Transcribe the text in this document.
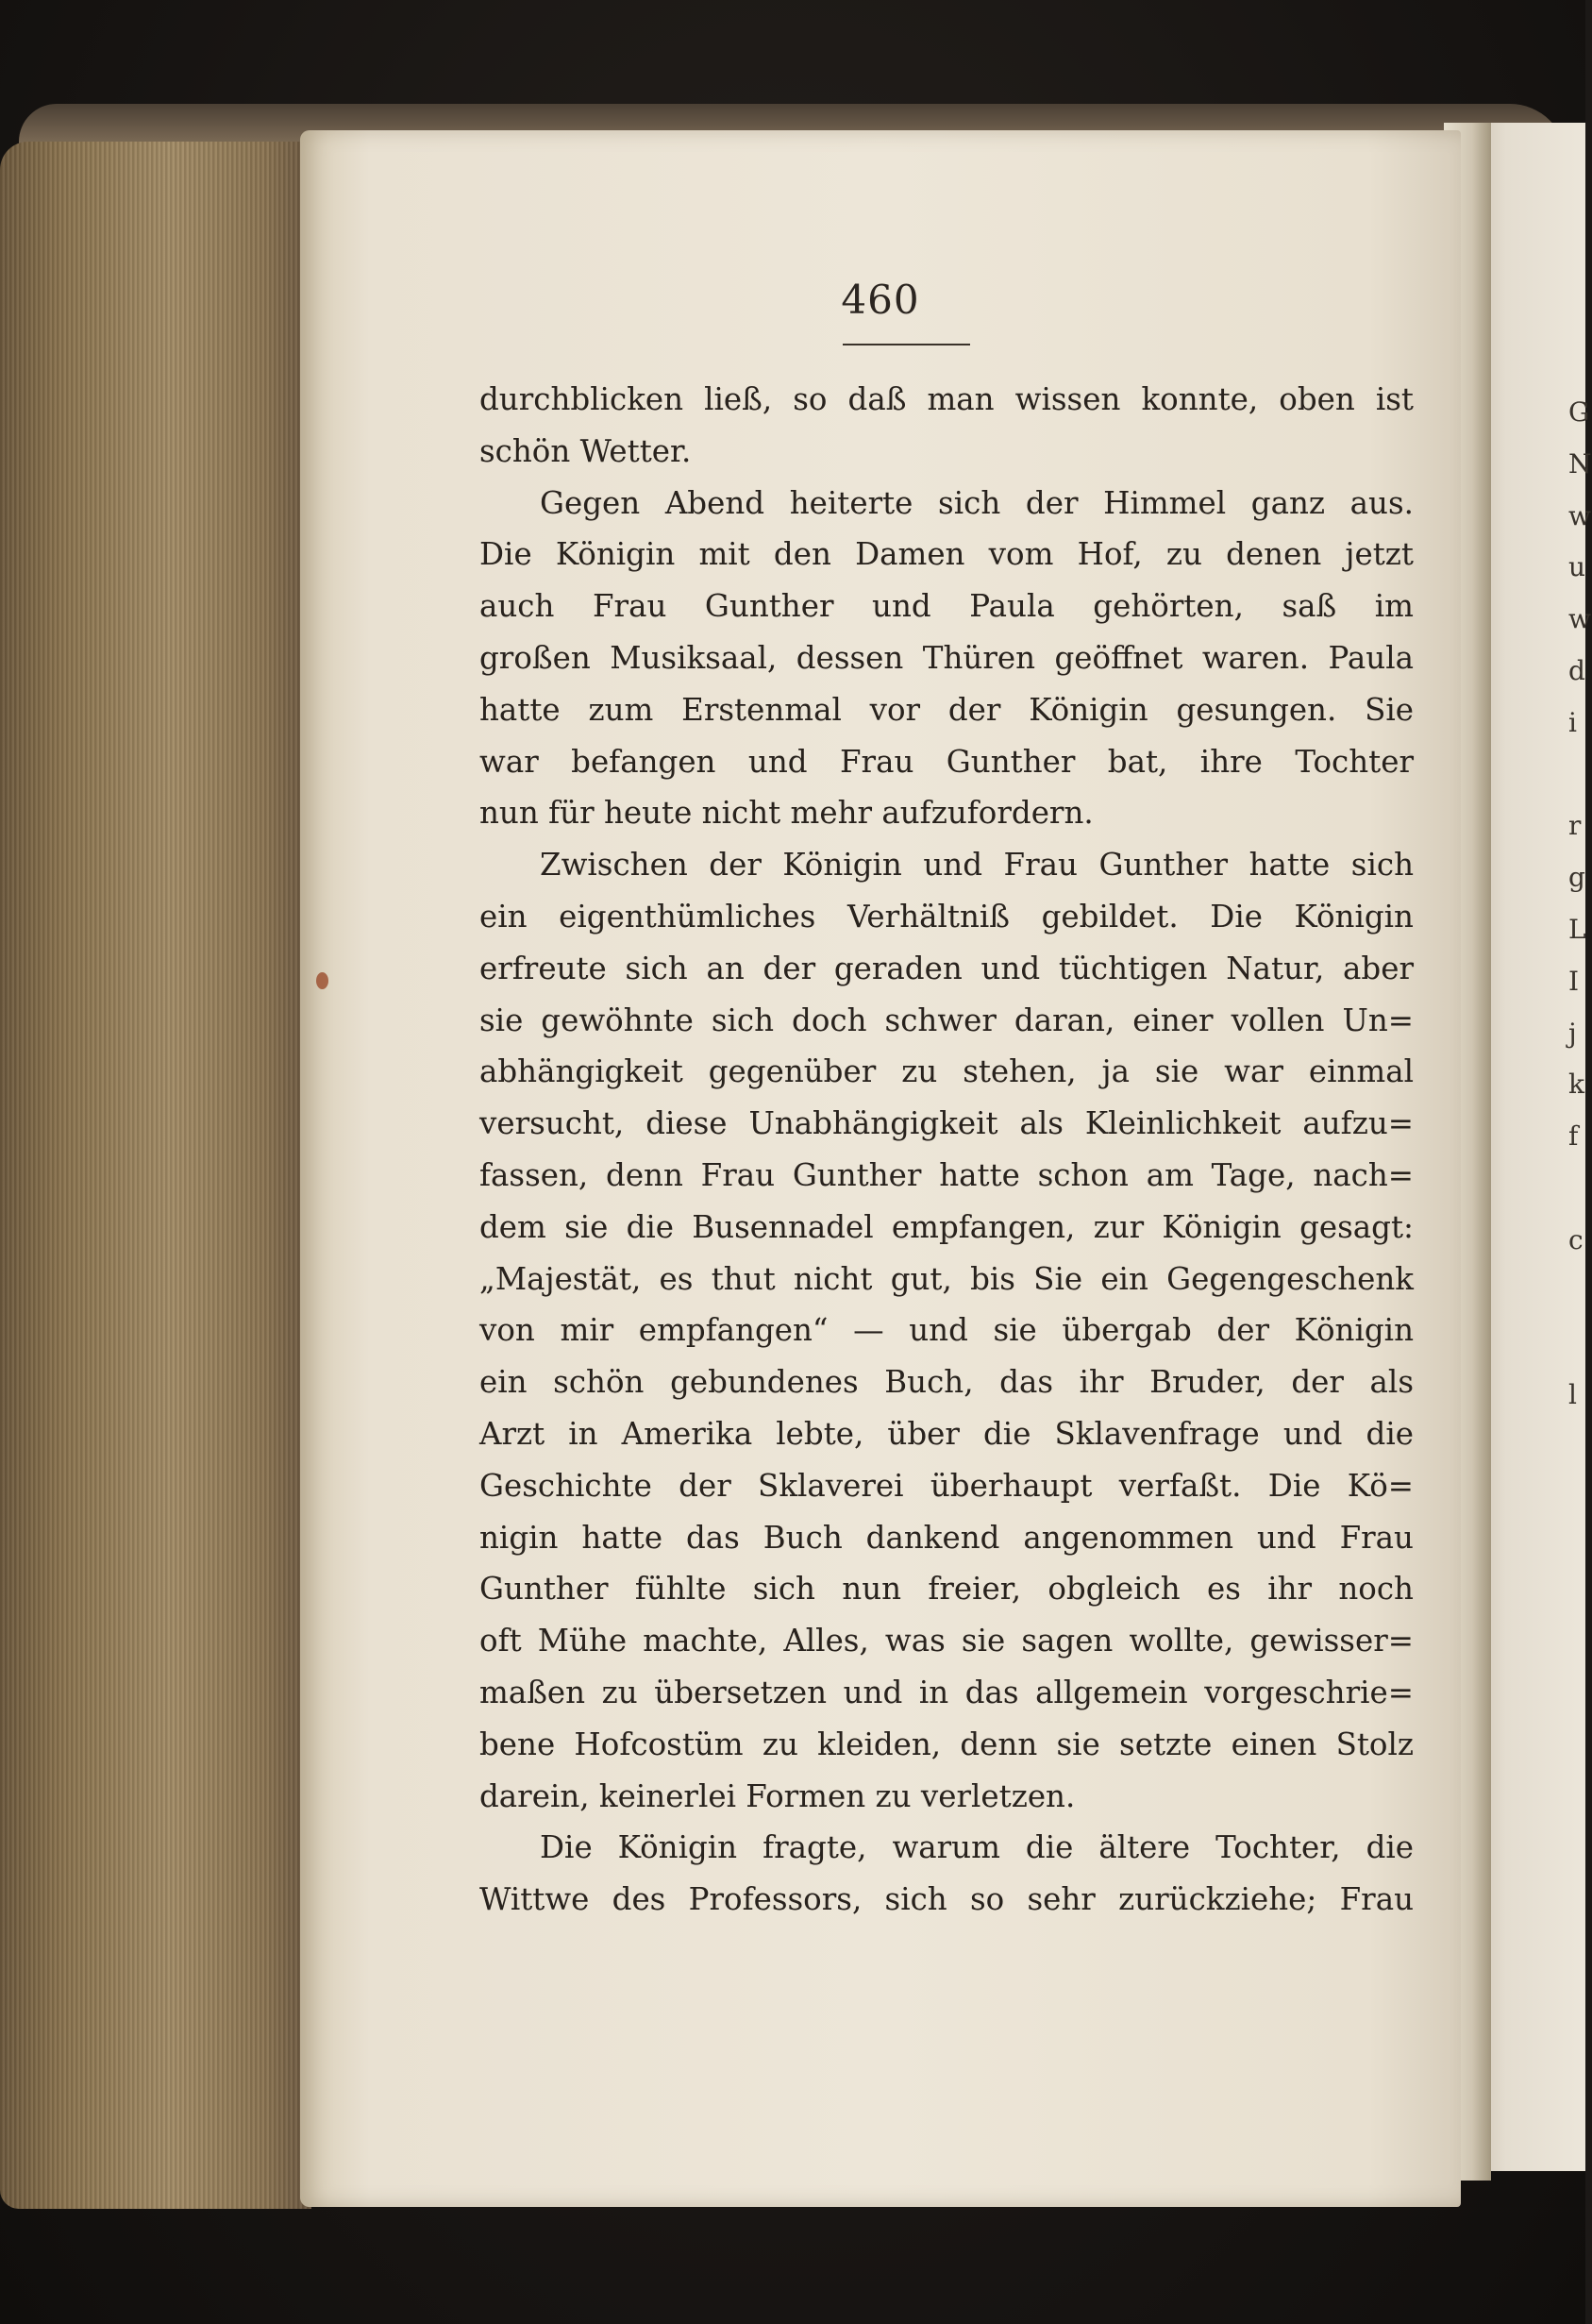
460
durchblicken ließ, so daß man wissen konnte, oben ist
schön Wetter.
Gegen Abend heiterte sich der Himmel ganz aus.
Die Königin mit den Damen vom Hof, zu denen jetzt
auch Frau Gunther und Paula gehörten, saß im
großen Musiksaal, dessen Thüren geöffnet waren. Paula
hatte zum Erstenmal vor der Königin gesungen. Sie
war befangen und Frau Gunther bat, ihre Tochter
nun für heute nicht mehr aufzufordern.
Zwischen der Königin und Frau Gunther hatte sich
ein eigenthümliches Verhältniß gebildet. Die Königin
erfreute sich an der geraden und tüchtigen Natur, aber
sie gewöhnte sich doch schwer daran, einer vollen Un=
abhängigkeit gegenüber zu stehen, ja sie war einmal
versucht, diese Unabhängigkeit als Kleinlichkeit aufzu=
fassen, denn Frau Gunther hatte schon am Tage, nach=
dem sie die Busennadel empfangen, zur Königin gesagt:
„Majestät, es thut nicht gut, bis Sie ein Gegengeschenk
von mir empfangen“ — und sie übergab der Königin
ein schön gebundenes Buch, das ihr Bruder, der als
Arzt in Amerika lebte, über die Sklavenfrage und die
Geschichte der Sklaverei überhaupt verfaßt. Die Kö=
nigin hatte das Buch dankend angenommen und Frau
Gunther fühlte sich nun freier, obgleich es ihr noch
oft Mühe machte, Alles, was sie sagen wollte, gewisser=
maßen zu übersetzen und in das allgemein vorgeschrie=
bene Hofcostüm zu kleiden, denn sie setzte einen Stolz
darein, keinerlei Formen zu verletzen.
Die Königin fragte, warum die ältere Tochter, die
Wittwe des Professors, sich so sehr zurückziehe; Frau
G
N
w
u
w
d
i
r
g
L
I
j
k
f
c
l
